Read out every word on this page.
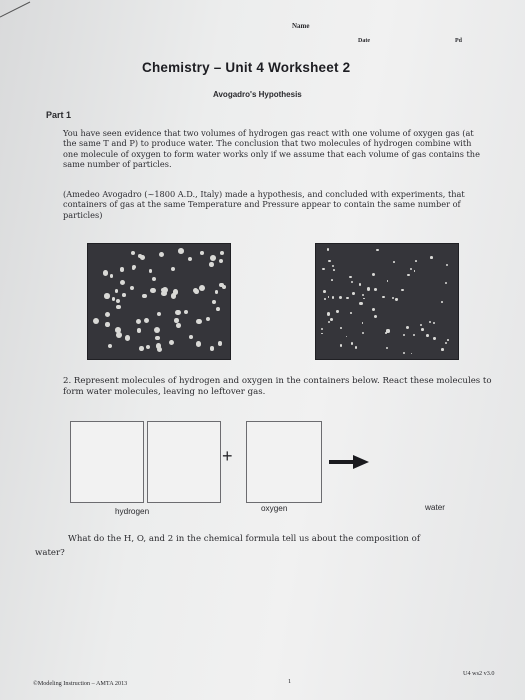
Name
Date	Pd
Chemistry – Unit 4 Worksheet 2
Avogadro's Hypothesis
Part 1
You have seen evidence that two volumes of hydrogen gas react with one volume of oxygen gas (at the same T and P) to produce water. The conclusion that two molecules of hydrogen combine with one molecule of oxygen to form water works only if we assume that each volume of gas contains the same number of particles.
(Amedeo Avogadro (~1800 A.D., Italy) made a hypothesis, and concluded with experiments, that containers of gas at the same Temperature and Pressure appear to contain the same number of particles)
2. Represent molecules of hydrogen and oxygen in the containers below. React these molecules to form water molecules, leaving no leftover gas.
+
hydrogen	oxygen	water
What do the H, O, and 2 in the chemical formula tell us about the composition of
water?
©Modeling Instruction – AMTA 2013	1
U4 ws2 v3.0
